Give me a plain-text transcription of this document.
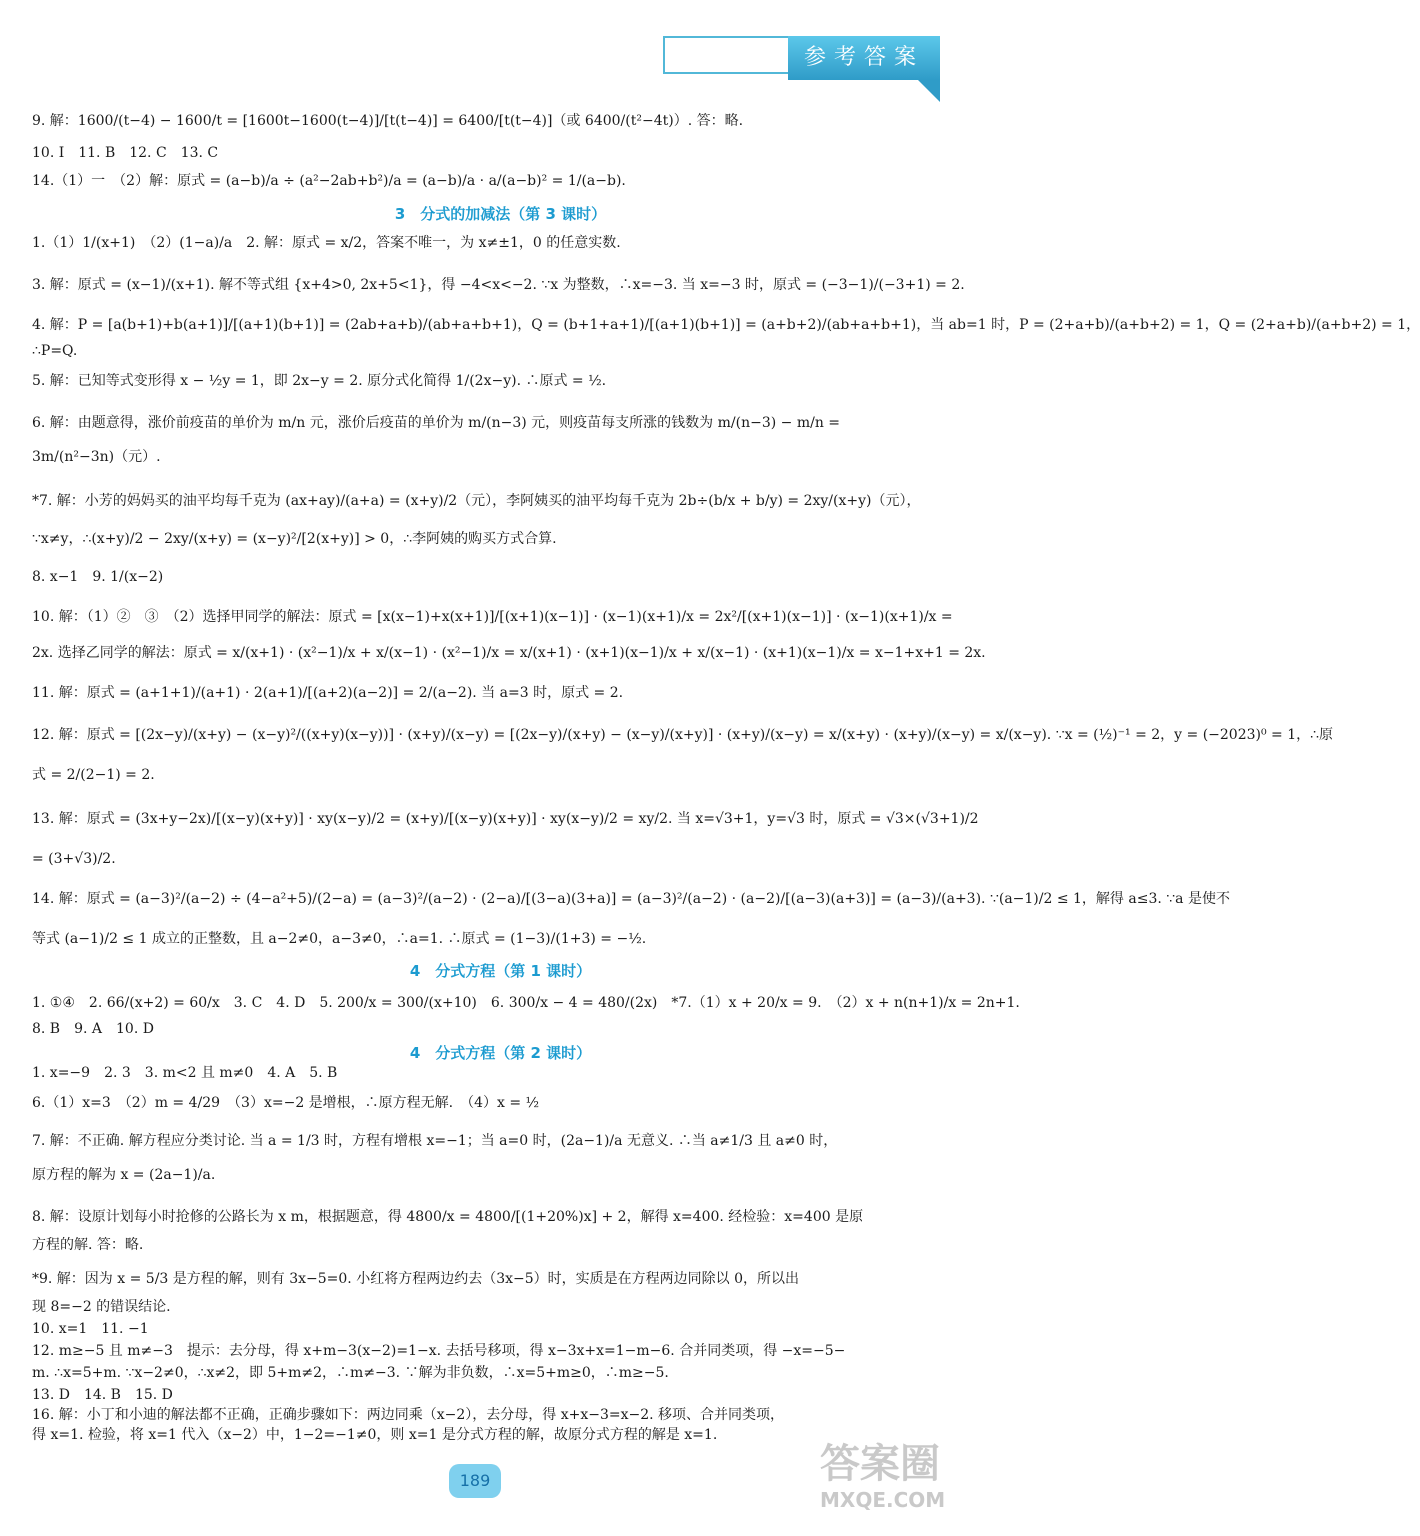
参考答案
9. 解：1600/(t−4) − 1600/t = [1600t−1600(t−4)]/[t(t−4)] = 6400/[t(t−4)]（或 6400/(t²−4t)）. 答：略.
10. I　11. B　12. C　13. C
14.（1）一　（2）解：原式 = (a−b)/a ÷ (a²−2ab+b²)/a = (a−b)/a · a/(a−b)² = 1/(a−b).
3　分式的加减法（第 3 课时）
1.（1）1/(x+1)　（2）(1−a)/a　2. 解：原式 = x/2，答案不唯一，为 x≠±1，0 的任意实数.
3. 解：原式 = (x−1)/(x+1). 解不等式组 {x+4>0, 2x+5<1}，得 −4<x<−2. ∵x 为整数，∴x=−3. 当 x=−3 时，原式 = (−3−1)/(−3+1) = 2.
4. 解：P = [a(b+1)+b(a+1)]/[(a+1)(b+1)] = (2ab+a+b)/(ab+a+b+1)，Q = (b+1+a+1)/[(a+1)(b+1)] = (a+b+2)/(ab+a+b+1)，当 ab=1 时，P = (2+a+b)/(a+b+2) = 1，Q = (2+a+b)/(a+b+2) = 1，
∴P=Q.
5. 解：已知等式变形得 x − ½y = 1，即 2x−y = 2. 原分式化简得 1/(2x−y). ∴原式 = ½.
6. 解：由题意得，涨价前疫苗的单价为 m/n 元，涨价后疫苗的单价为 m/(n−3) 元，则疫苗每支所涨的钱数为 m/(n−3) − m/n =
3m/(n²−3n)（元）.
*7. 解：小芳的妈妈买的油平均每千克为 (ax+ay)/(a+a) = (x+y)/2（元），李阿姨买的油平均每千克为 2b÷(b/x + b/y) = 2xy/(x+y)（元），
∵x≠y，∴(x+y)/2 − 2xy/(x+y) = (x−y)²/[2(x+y)] > 0，∴李阿姨的购买方式合算.
8. x−1　9. 1/(x−2)
10. 解：（1）②　③　（2）选择甲同学的解法：原式 = [x(x−1)+x(x+1)]/[(x+1)(x−1)] · (x−1)(x+1)/x = 2x²/[(x+1)(x−1)] · (x−1)(x+1)/x =
2x. 选择乙同学的解法：原式 = x/(x+1) · (x²−1)/x + x/(x−1) · (x²−1)/x = x/(x+1) · (x+1)(x−1)/x + x/(x−1) · (x+1)(x−1)/x = x−1+x+1 = 2x.
11. 解：原式 = (a+1+1)/(a+1) · 2(a+1)/[(a+2)(a−2)] = 2/(a−2). 当 a=3 时，原式 = 2.
12. 解：原式 = [(2x−y)/(x+y) − (x−y)²/((x+y)(x−y))] · (x+y)/(x−y) = [(2x−y)/(x+y) − (x−y)/(x+y)] · (x+y)/(x−y) = x/(x+y) · (x+y)/(x−y) = x/(x−y). ∵x = (½)⁻¹ = 2，y = (−2023)⁰ = 1，∴原
式 = 2/(2−1) = 2.
13. 解：原式 = (3x+y−2x)/[(x−y)(x+y)] · xy(x−y)/2 = (x+y)/[(x−y)(x+y)] · xy(x−y)/2 = xy/2. 当 x=√3+1，y=√3 时，原式 = √3×(√3+1)/2
= (3+√3)/2.
14. 解：原式 = (a−3)²/(a−2) ÷ (4−a²+5)/(2−a) = (a−3)²/(a−2) · (2−a)/[(3−a)(3+a)] = (a−3)²/(a−2) · (a−2)/[(a−3)(a+3)] = (a−3)/(a+3). ∵(a−1)/2 ≤ 1，解得 a≤3. ∵a 是使不
等式 (a−1)/2 ≤ 1 成立的正整数，且 a−2≠0，a−3≠0，∴a=1. ∴原式 = (1−3)/(1+3) = −½.
4　分式方程（第 1 课时）
1. ①④　2. 66/(x+2) = 60/x　3. C　4. D　5. 200/x = 300/(x+10)　6. 300/x − 4 = 480/(2x)　*7.（1）x + 20/x = 9.　（2）x + n(n+1)/x = 2n+1.
8. B　9. A　10. D
4　分式方程（第 2 课时）
1. x=−9　2. 3　3. m<2 且 m≠0　4. A　5. B
6.（1）x=3　（2）m = 4/29　（3）x=−2 是增根，∴原方程无解.　（4）x = ½
7. 解：不正确. 解方程应分类讨论. 当 a = 1/3 时，方程有增根 x=−1；当 a=0 时，(2a−1)/a 无意义. ∴当 a≠1/3 且 a≠0 时，
原方程的解为 x = (2a−1)/a.
8. 解：设原计划每小时抢修的公路长为 x m，根据题意，得 4800/x = 4800/[(1+20%)x] + 2，解得 x=400. 经检验：x=400 是原
方程的解. 答：略.
*9. 解：因为 x = 5/3 是方程的解，则有 3x−5=0. 小红将方程两边约去（3x−5）时，实质是在方程两边同除以 0，所以出
现 8=−2 的错误结论.
10. x=1　11. −1
12. m≥−5 且 m≠−3　提示：去分母，得 x+m−3(x−2)=1−x. 去括号移项，得 x−3x+x=1−m−6. 合并同类项，得 −x=−5−
m. ∴x=5+m. ∵x−2≠0，∴x≠2，即 5+m≠2，∴m≠−3. ∵解为非负数，∴x=5+m≥0，∴m≥−5.
13. D　14. B　15. D
16. 解：小丁和小迪的解法都不正确，正确步骤如下：两边同乘（x−2），去分母，得 x+x−3=x−2. 移项、合并同类项，
得 x=1. 检验，将 x=1 代入（x−2）中，1−2=−1≠0，则 x=1 是分式方程的解，故原分式方程的解是 x=1.
189	答案圈
MXQE.COM
